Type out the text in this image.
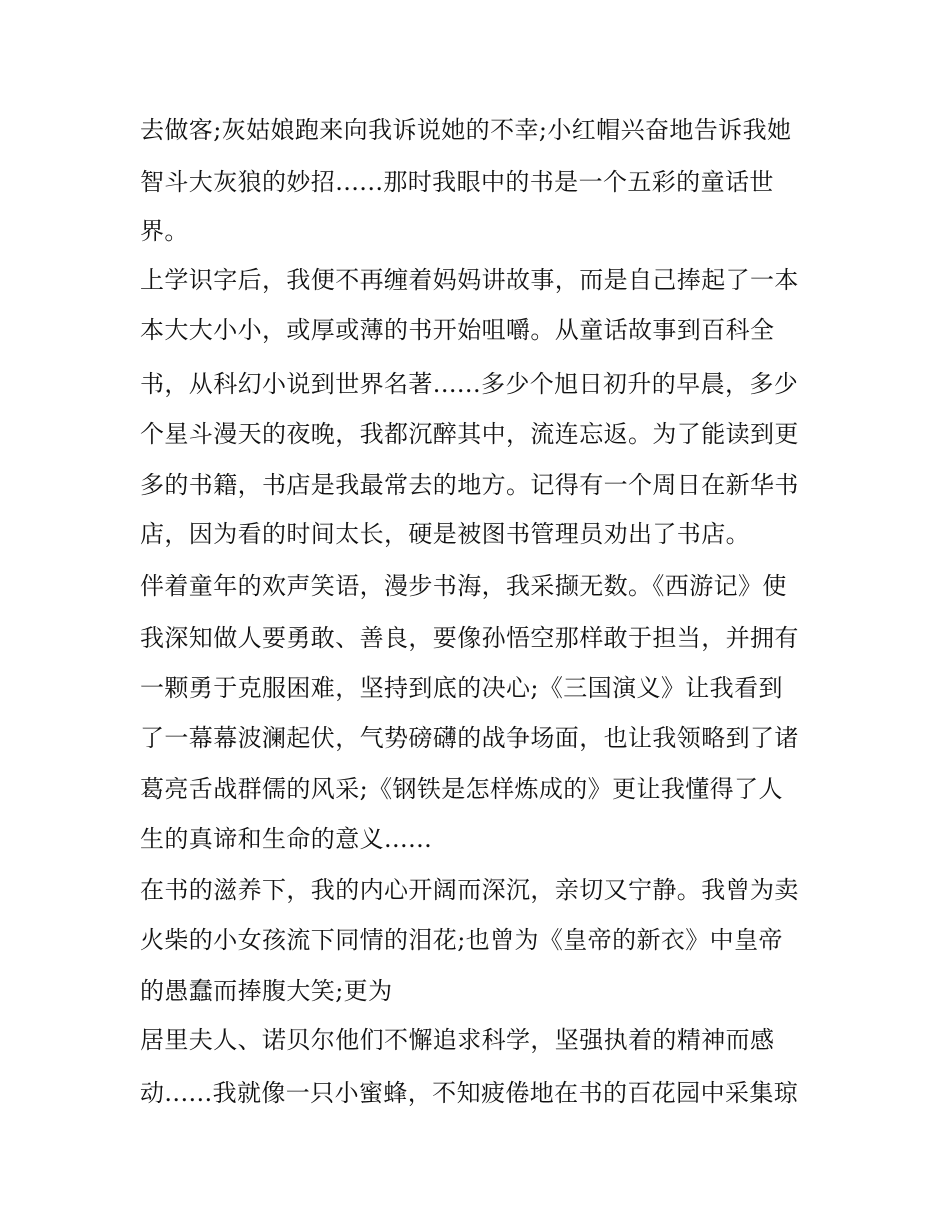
去做客;灰姑娘跑来向我诉说她的不幸;小红帽兴奋地告诉我她
智斗大灰狼的妙招......那时我眼中的书是一个五彩的童话世
界。
上学识字后，我便不再缠着妈妈讲故事，而是自己捧起了一本
本大大小小，或厚或薄的书开始咀嚼。从童话故事到百科全
书，从科幻小说到世界名著......多少个旭日初升的早晨，多少
个星斗漫天的夜晚，我都沉醉其中，流连忘返。为了能读到更
多的书籍，书店是我最常去的地方。记得有一个周日在新华书
店，因为看的时间太长，硬是被图书管理员劝出了书店。
伴着童年的欢声笑语，漫步书海，我采撷无数。《西游记》使
我深知做人要勇敢、善良，要像孙悟空那样敢于担当，并拥有
一颗勇于克服困难，坚持到底的决心;《三国演义》让我看到
了一幕幕波澜起伏，气势磅礴的战争场面，也让我领略到了诸
葛亮舌战群儒的风采;《钢铁是怎样炼成的》更让我懂得了人
生的真谛和生命的意义......
在书的滋养下，我的内心开阔而深沉，亲切又宁静。我曾为卖
火柴的小女孩流下同情的泪花;也曾为《皇帝的新衣》中皇帝
的愚蠢而捧腹大笑;更为
居里夫人、诺贝尔他们不懈追求科学，坚强执着的精神而感
动......我就像一只小蜜蜂，不知疲倦地在书的百花园中采集琼
